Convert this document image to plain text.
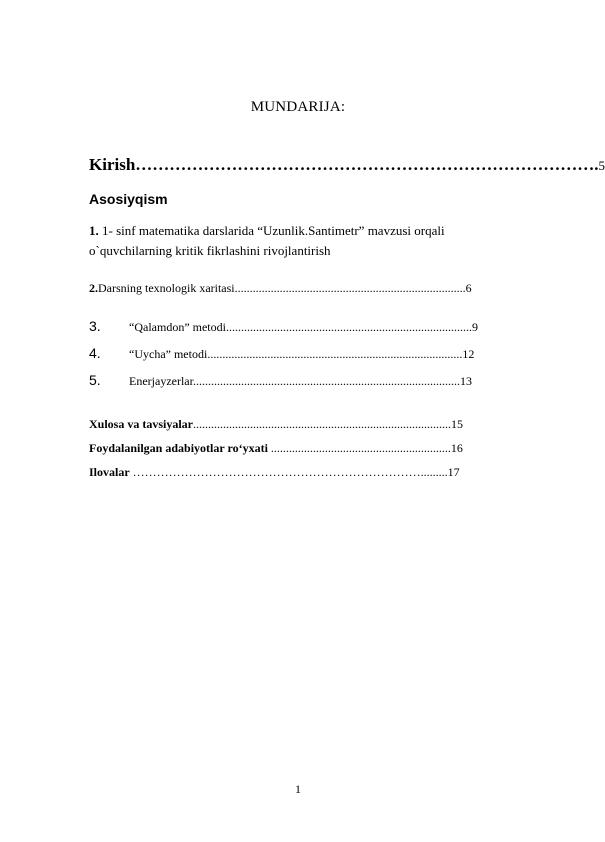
MUNDARIJA:
Kirish……………………………………………………………………….5
Asosiyqism
1. 1- sinf matematika darslarida “Uzunlik.Santimetr” mavzusi orqali
o`quvchilarning kritik fikrlashini rivojlantirish
2.Darsning texnologik xaritasi.............................................................................6
3. “Qalamdon” metodi..................................................................................9
4. “Uycha” metodi.....................................................................................12
5. Enerjayzerlar.........................................................................................13
Xulosa va tavsiyalar......................................................................................15
Foydalanilgan adabiyotlar ro‘yxati ............................................................16
Ilovalar ……………………………………………………………….........17
1
